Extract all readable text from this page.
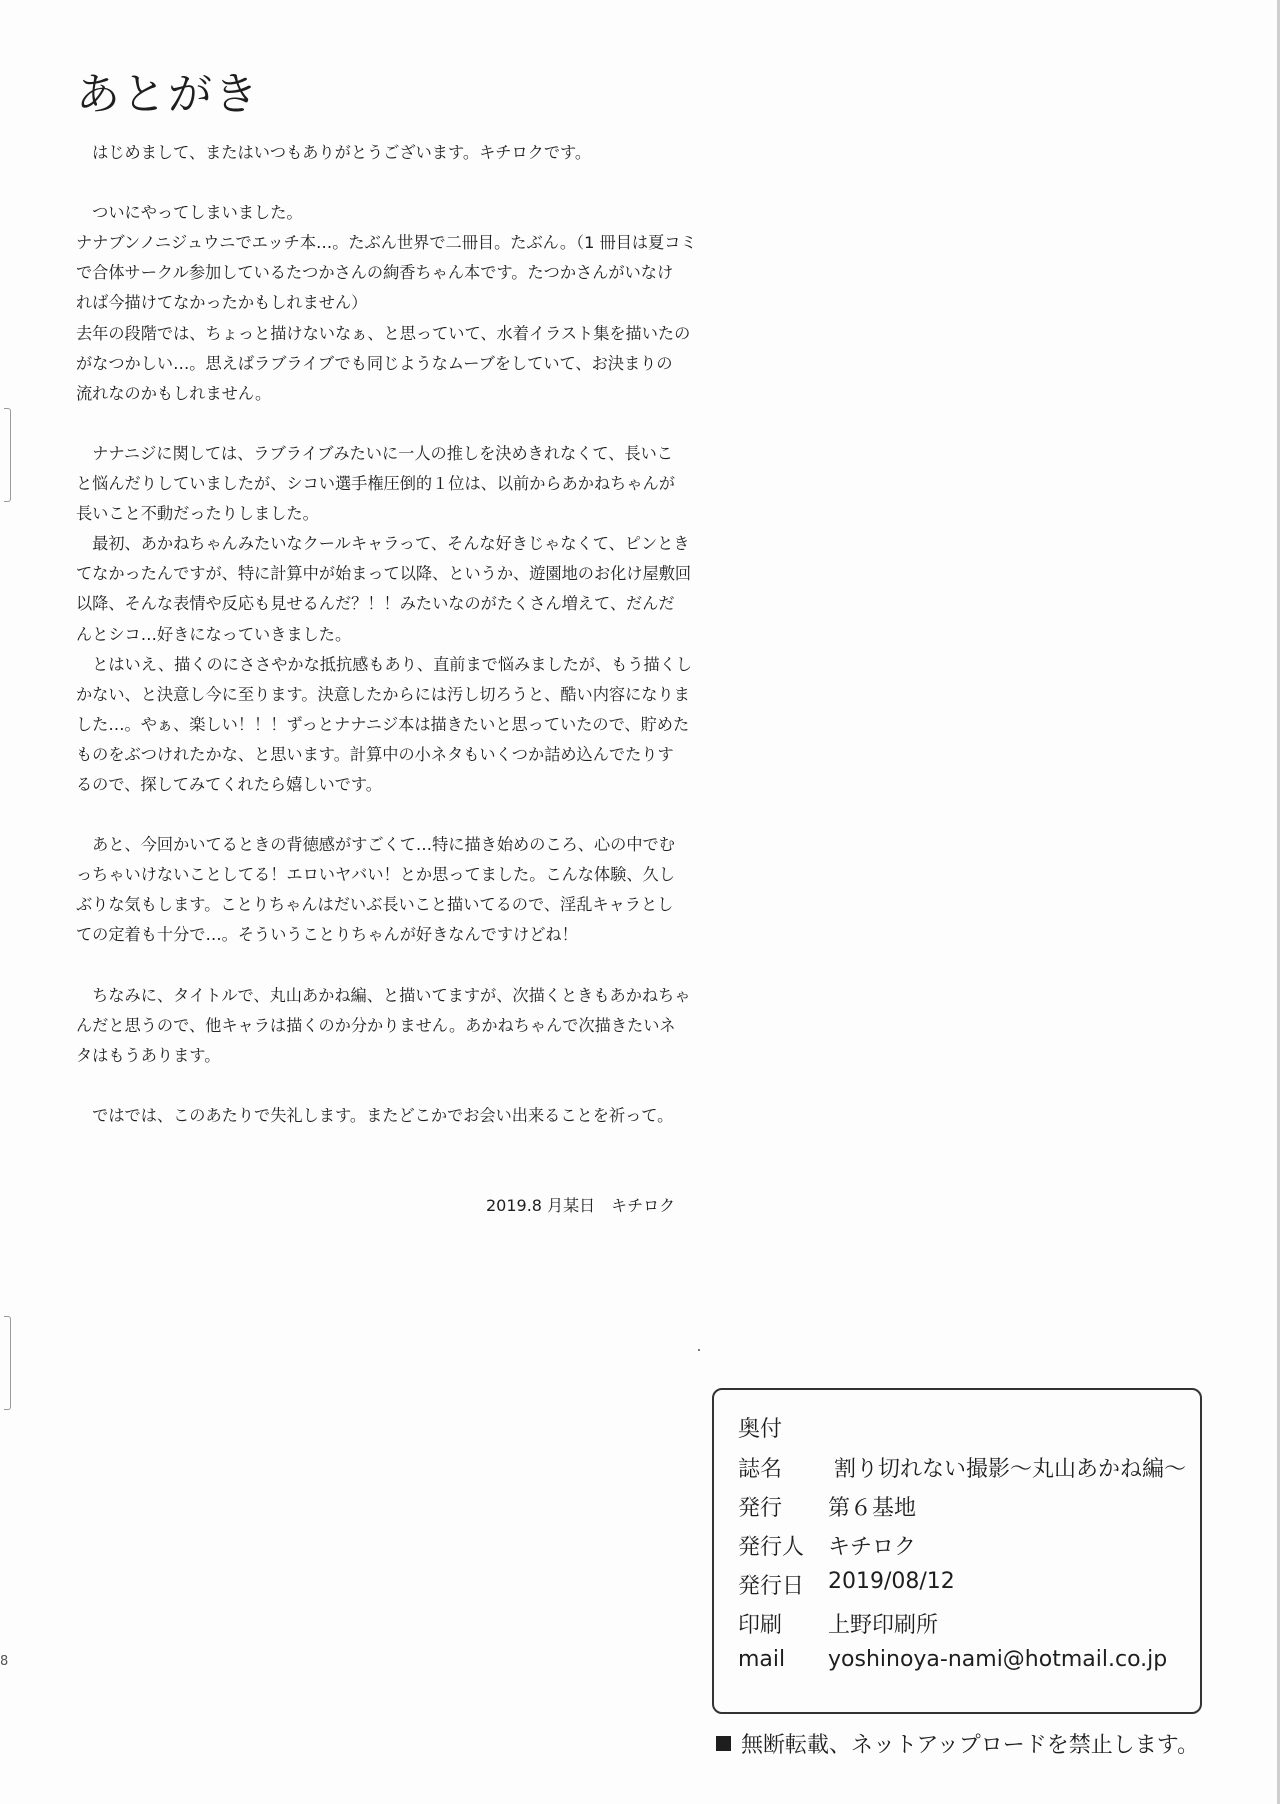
8
あとがき

　はじめまして、またはいつもありがとうございます。キチロクです。

　ついにやってしまいました。

ナナブンノニジュウニでエッチ本…。たぶん世界で二冊目。たぶん。（1 冊目は夏コミ

で合体サークル参加しているたつかさんの絢香ちゃん本です。たつかさんがいなけ

れば今描けてなかったかもしれません）

去年の段階では、ちょっと描けないなぁ、と思っていて、水着イラスト集を描いたの

がなつかしい…。思えばラブライブでも同じようなムーブをしていて、お決まりの

流れなのかもしれません。

　ナナニジに関しては、ラブライブみたいに一人の推しを決めきれなくて、長いこ

と悩んだりしていましたが、シコい選手権圧倒的１位は、以前からあかねちゃんが

長いこと不動だったりしました。

　最初、あかねちゃんみたいなクールキャラって、そんな好きじゃなくて、ピンとき

てなかったんですが、特に計算中が始まって以降、というか、遊園地のお化け屋敷回

以降、そんな表情や反応も見せるんだ？！！みたいなのがたくさん増えて、だんだ

んとシコ…好きになっていきました。

　とはいえ、描くのにささやかな抵抗感もあり、直前まで悩みましたが、もう描くし

かない、と決意し今に至ります。決意したからには汚し切ろうと、酷い内容になりま

した…。やぁ、楽しい！！！ずっとナナニジ本は描きたいと思っていたので、貯めた

ものをぶつけれたかな、と思います。計算中の小ネタもいくつか詰め込んでたりす

るので、探してみてくれたら嬉しいです。

　あと、今回かいてるときの背徳感がすごくて…特に描き始めのころ、心の中でむ

っちゃいけないことしてる！エロいヤバい！とか思ってました。こんな体験、久し

ぶりな気もします。ことりちゃんはだいぶ長いこと描いてるので、淫乱キャラとし

ての定着も十分で…。そういうことりちゃんが好きなんですけどね！

　ちなみに、タイトルで、丸山あかね編、と描いてますが、次描くときもあかねちゃ

んだと思うので、他キャラは描くのか分かりません。あかねちゃんで次描きたいネ

タはもうあります。

　ではでは、このあたりで失礼します。またどこかでお会い出来ることを祈って。

2019.8 月某日　キチロク
奥付
誌名 割り切れない撮影～丸山あかね編～
発行 第６基地
発行人 キチロク
発行日 2019/08/12
印刷 上野印刷所
mail yoshinoya-nami@hotmail.co.jp
無断転載、ネットアップロードを禁止します。
